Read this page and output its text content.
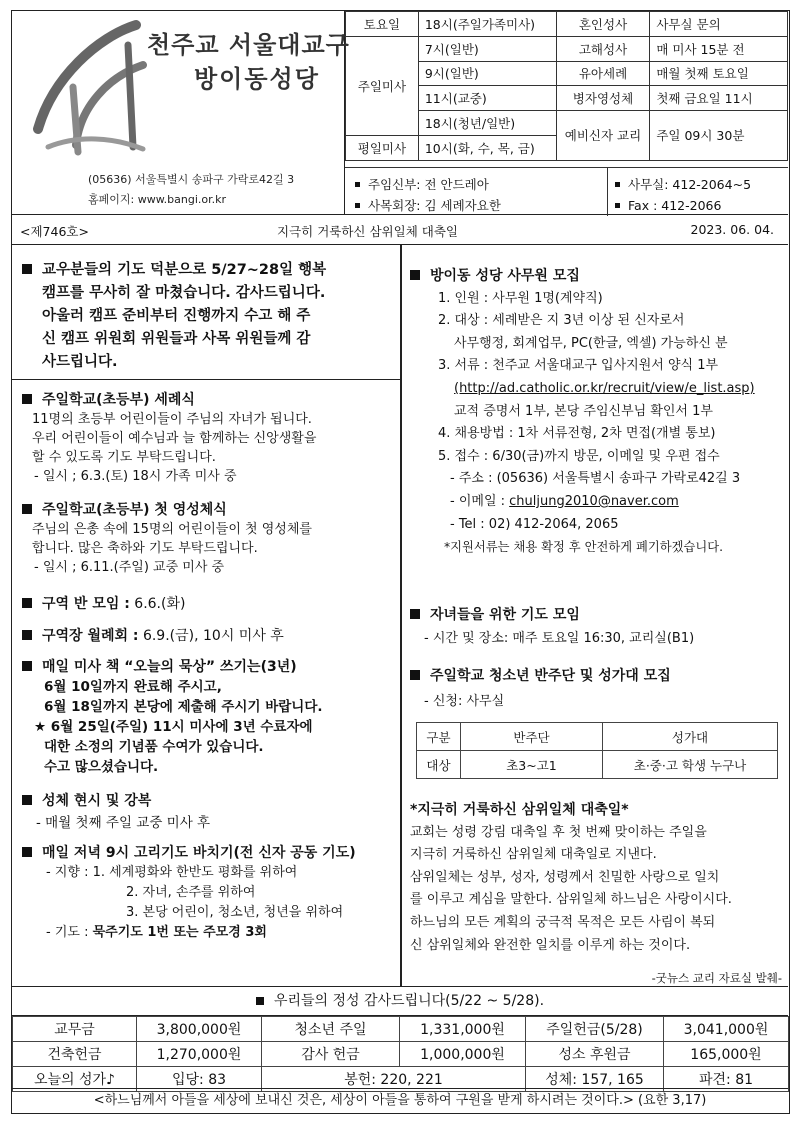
천주교 서울대교구
방이동성당
(05636) 서울특별시 송파구 가락로42길 3
홈페이지: www.bangi.or.kr
토요일	18시(주일가족미사)	혼인성사	사무실 문의
주일미사	7시(일반)	고해성사	매 미사 15분 전
	9시(일반)	유아세례	매월 첫째 토요일
	11시(교중)	병자영성체	첫째 금요일 11시
	18시(청년/일반)	예비신자 교리	주일 09시 30분
평일미사	10시(화, 수, 목, 금)		
주임신부: 전 안드레아
사목회장: 김 세례자요한
사무실: 412-2064~5
Fax : 412-2066
<제746호>	지극히 거룩하신 삼위일체 대축일	2023. 06. 04.
교우분들의 기도 덕분으로 5/27~28일 행복
캠프를 무사히 잘 마쳤습니다. 감사드립니다.
아울러 캠프 준비부터 진행까지 수고 해 주
신 캠프 위원회 위원들과 사목 위원들께 감
사드립니다.
주일학교(초등부) 세례식
11명의 초등부 어린이들이 주님의 자녀가 됩니다.
우리 어린이들이 예수님과 늘 함께하는 신앙생활을
할 수 있도록 기도 부탁드립니다.
- 일시 ; 6.3.(토) 18시 가족 미사 중
주일학교(초등부) 첫 영성체식
주님의 은총 속에 15명의 어린이들이 첫 영성체를
합니다. 많은 축하와 기도 부탁드립니다.
- 일시 ; 6.11.(주일) 교중 미사 중
구역 반 모임 : 6.6.(화)
구역장 월례회 : 6.9.(금), 10시 미사 후
매일 미사 책 “오늘의 묵상” 쓰기는(3년)
6월 10일까지 완료해 주시고,
6월 18일까지 본당에 제출해 주시기 바랍니다.
★ 6월 25일(주일) 11시 미사에 3년 수료자에
대한 소정의 기념품 수여가 있습니다.
수고 많으셨습니다.
성체 현시 및 강복
- 매월 첫째 주일 교중 미사 후
매일 저녁 9시 고리기도 바치기(전 신자 공동 기도)
- 지향 : 1. 세계평화와 한반도 평화를 위하여
2. 자녀, 손주를 위하여
3. 본당 어린이, 청소년, 청년을 위하여
- 기도 : 묵주기도 1번 또는 주모경 3회
방이동 성당 사무원 모집
1. 인원 : 사무원 1명(계약직)
2. 대상 : 세례받은 지 3년 이상 된 신자로서
사무행정, 회계업무, PC(한글, 엑셀) 가능하신 분
3. 서류 : 천주교 서울대교구 입사지원서 양식 1부
(http://ad.catholic.or.kr/recruit/view/e_list.asp)
교적 증명서 1부, 본당 주임신부님 확인서 1부
4. 채용방법 : 1차 서류전형, 2차 면접(개별 통보)
5. 접수 : 6/30(금)까지 방문, 이메일 및 우편 접수
- 주소 : (05636) 서울특별시 송파구 가락로42길 3
- 이메일 : chuljung2010@naver.com
- Tel : 02) 412-2064, 2065
*지원서류는 채용 확정 후 안전하게 폐기하겠습니다.
자녀들을 위한 기도 모임
- 시간 및 장소: 매주 토요일 16:30, 교리실(B1)
주일학교 청소년 반주단 및 성가대 모집
- 신청: 사무실
구분	반주단	성가대
대상	초3~고1	초·중·고 학생 누구나
*지극히 거룩하신 삼위일체 대축일*
교회는 성령 강림 대축일 후 첫 번째 맞이하는 주일을
지극히 거룩하신 삼위일체 대축일로 지낸다.
삼위일체는 성부, 성자, 성령께서 친밀한 사랑으로 일치
를 이루고 계심을 말한다. 삼위일체 하느님은 사랑이시다.
하느님의 모든 계획의 궁극적 목적은 모든 사림이 복되
신 삼위일체와 완전한 일치를 이루게 하는 것이다.
-굿뉴스 교리 자료실 발췌-
우리들의 정성 감사드립니다(5/22 ~ 5/28).
교무금	3,800,000원	청소년 주일	1,331,000원	주일헌금(5/28)	3,041,000원
건축헌금	1,270,000원	감사 헌금	1,000,000원	성소 후원금	165,000원
오늘의 성가♪	입당: 83	봉헌: 220, 221		성체: 157, 165	파견: 81
<하느님께서 아들을 세상에 보내신 것은, 세상이 아들을 통하여 구원을 받게 하시려는 것이다.> (요한 3,17)
